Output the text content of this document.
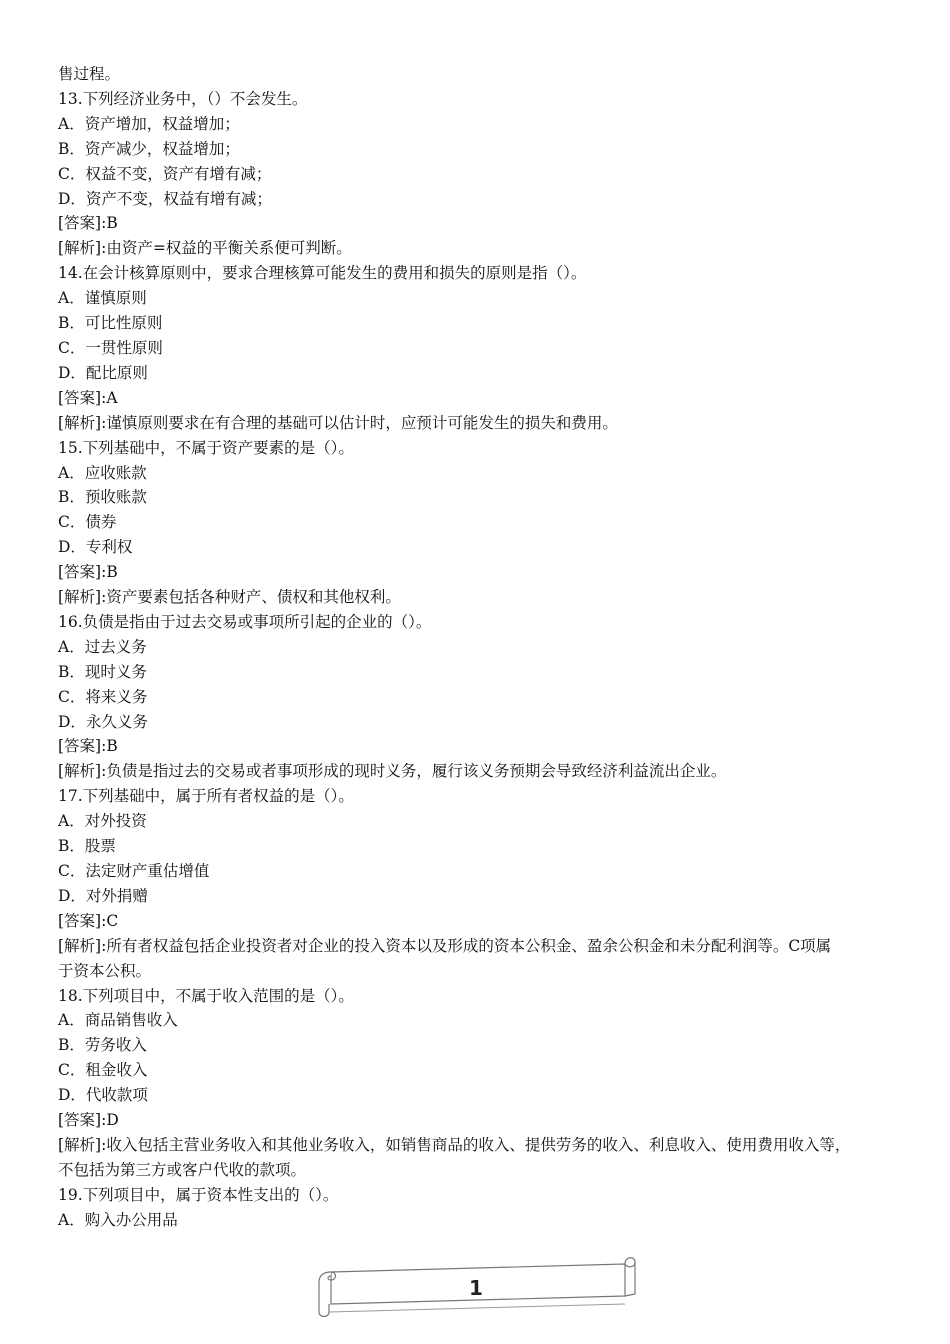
售过程。
13.下列经济业务中，（）不会发生。
A．资产增加，权益增加；
B．资产减少，权益增加；
C．权益不变，资产有增有减；
D．资产不变，权益有增有减；
[答案]:B
[解析]:由资产=权益的平衡关系便可判断。
14.在会计核算原则中，要求合理核算可能发生的费用和损失的原则是指（）。
A．谨慎原则
B．可比性原则
C．一贯性原则
D．配比原则
[答案]:A
[解析]:谨慎原则要求在有合理的基础可以估计时，应预计可能发生的损失和费用。
15.下列基础中，不属于资产要素的是（）。
A．应收账款
B．预收账款
C．债券
D．专利权
[答案]:B
[解析]:资产要素包括各种财产、债权和其他权利。
16.负债是指由于过去交易或事项所引起的企业的（）。
A．过去义务
B．现时义务
C．将来义务
D．永久义务
[答案]:B
[解析]:负债是指过去的交易或者事项形成的现时义务，履行该义务预期会导致经济利益流出企业。
17.下列基础中，属于所有者权益的是（）。
A．对外投资
B．股票
C．法定财产重估增值
D．对外捐赠
[答案]:C
[解析]:所有者权益包括企业投资者对企业的投入资本以及形成的资本公积金、盈余公积金和未分配利润等。C项属
于资本公积。
18.下列项目中，不属于收入范围的是（）。
A．商品销售收入
B．劳务收入
C．租金收入
D．代收款项
[答案]:D
[解析]:收入包括主营业务收入和其他业务收入，如销售商品的收入、提供劳务的收入、利息收入、使用费用收入等，
不包括为第三方或客户代收的款项。
19.下列项目中，属于资本性支出的（）。
A．购入办公用品
1
